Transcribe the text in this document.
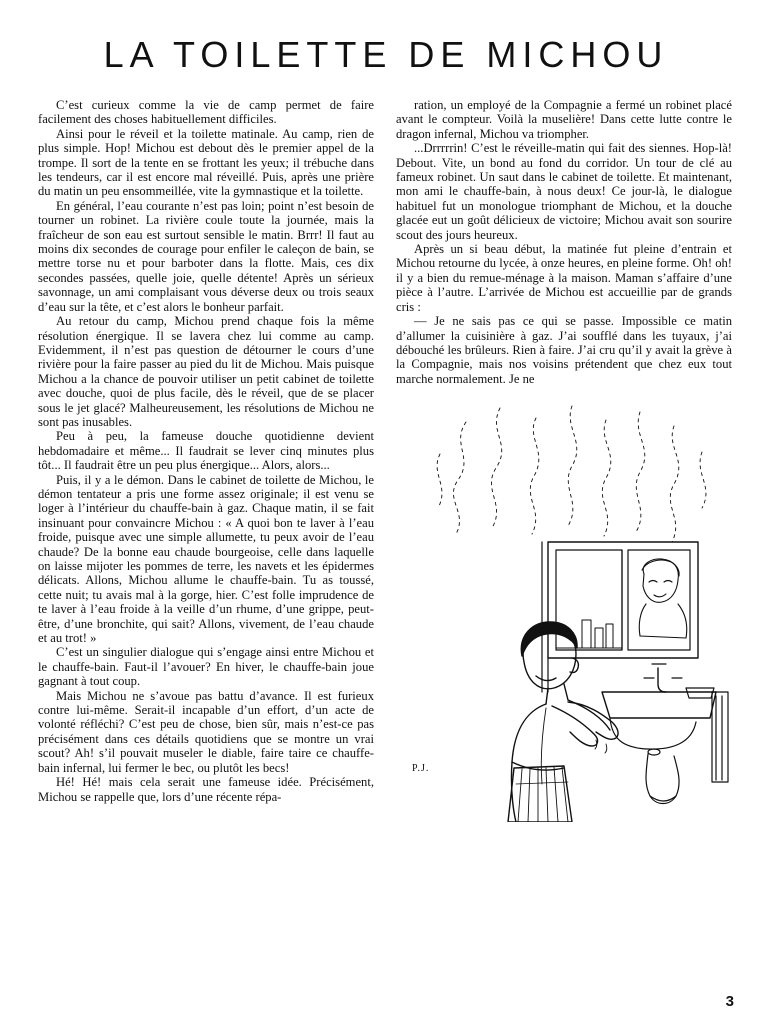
LA TOILETTE DE MICHOU

C’est curieux comme la vie de camp permet de faire facilement des choses habituellement difficiles.

Ainsi pour le réveil et la toilette matinale. Au camp, rien de plus simple. Hop! Michou est debout dès le premier appel de la trompe. Il sort de la tente en se frottant les yeux; il trébuche dans les tendeurs, car il est encore mal réveillé. Puis, après une prière du matin un peu ensommeillée, vite la gymnastique et la toilette.

En général, l’eau courante n’est pas loin; point n’est besoin de tourner un robinet. La rivière coule toute la journée, mais la fraîcheur de son eau est surtout sensible le matin. Brrr! Il faut au moins dix secondes de courage pour enfiler le caleçon de bain, se mettre torse nu et pour barboter dans la flotte. Mais, ces dix secondes passées, quelle joie, quelle détente! Après un sérieux savonnage, un ami complaisant vous déverse deux ou trois seaux d’eau sur la tête, et c’est alors le bonheur parfait.

Au retour du camp, Michou prend chaque fois la même résolution énergique. Il se lavera chez lui comme au camp. Evidemment, il n’est pas question de détourner le cours d’une rivière pour la faire passer au pied du lit de Michou. Mais puisque Michou a la chance de pouvoir utiliser un petit cabinet de toilette avec douche, quoi de plus facile, dès le réveil, que de se placer sous le jet glacé? Malheureusement, les résolutions de Michou ne sont pas inusables.

Peu à peu, la fameuse douche quotidienne devient hebdomadaire et même... Il faudrait se lever cinq minutes plus tôt... Il faudrait être un peu plus énergique... Alors, alors...

Puis, il y a le démon. Dans le cabinet de toilette de Michou, le démon tentateur a pris une forme assez originale; il est venu se loger à l’intérieur du chauffe-bain à gaz. Chaque matin, il se fait insinuant pour convaincre Michou : « A quoi bon te laver à l’eau froide, puisque avec une simple allumette, tu peux avoir de l’eau chaude? De la bonne eau chaude bourgeoise, celle dans laquelle on laisse mijoter les pommes de terre, les navets et les épidermes délicats. Allons, Michou allume le chauffe-bain. Tu as toussé, cette nuit; tu avais mal à la gorge, hier. C’est folle imprudence de te laver à l’eau froide à la veille d’un rhume, d’une grippe, peut-être, d’une bronchite, qui sait? Allons, vivement, de l’eau chaude et au trot! »

C’est un singulier dialogue qui s’engage ainsi entre Michou et le chauffe-bain. Faut-il l’avouer? En hiver, le chauffe-bain joue gagnant à tout coup.

Mais Michou ne s’avoue pas battu d’avance. Il est furieux contre lui-même. Serait-il incapable d’un effort, d’un acte de volonté réfléchi? C’est peu de chose, bien sûr, mais n’est-ce pas précisément dans ces détails quotidiens que se montre un vrai scout? Ah! s’il pouvait museler le diable, faire taire ce chauffe-bain infernal, lui fermer le bec, ou plutôt les becs!

Hé! Hé! mais cela serait une fameuse idée. Précisément, Michou se rappelle que, lors d’une récente répa-

ration, un employé de la Compagnie a fermé un robinet placé avant le compteur. Voilà la muselière! Dans cette lutte contre le dragon infernal, Michou va triompher.

...Drrrrrin! C’est le réveille-matin qui fait des siennes. Hop-là! Debout. Vite, un bond au fond du corridor. Un tour de clé au fameux robinet. Un saut dans le cabinet de toilette. Et maintenant, mon ami le chauffe-bain, à nous deux! Ce jour-là, le dialogue habituel fut un monologue triomphant de Michou, et la douche glacée eut un goût délicieux de victoire; Michou avait son sourire scout des jours heureux.

Après un si beau début, la matinée fut pleine d’entrain et Michou retourne du lycée, à onze heures, en pleine forme. Oh! oh! il y a bien du remue-ménage à la maison. Maman s’affaire d’une pièce à l’autre. L’arrivée de Michou est accueillie par de grands cris :

— Je ne sais pas ce qui se passe. Impossible ce matin d’allumer la cuisinière à gaz. J’ai soufflé dans les tuyaux, j’ai débouché les brûleurs. Rien à faire. J’ai cru qu’il y avait la grève à la Compagnie, mais nos voisins prétendent que chez eux tout marche normalement. Je ne

P.J.
3
